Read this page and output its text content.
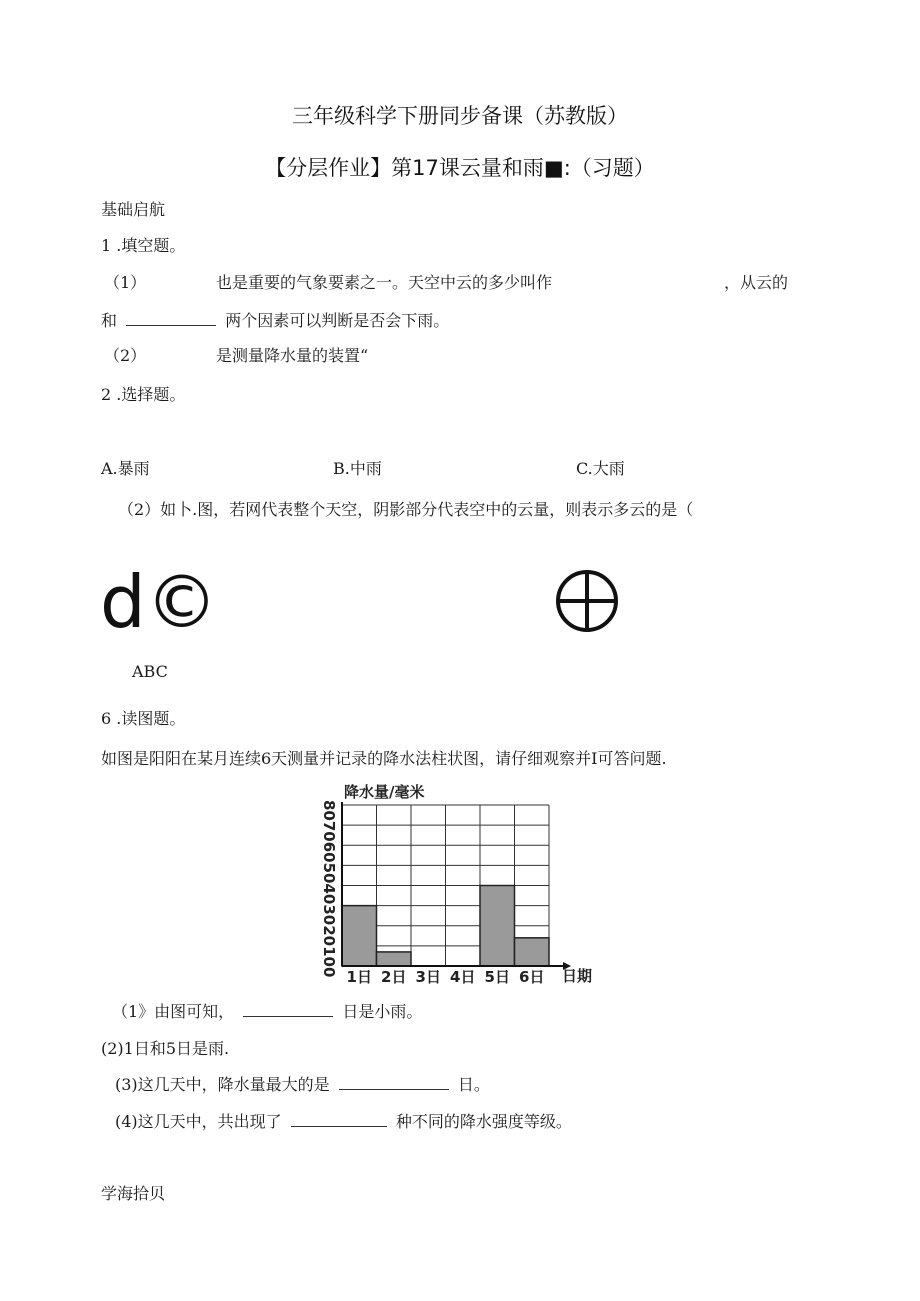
三年级科学下册同步备课（苏教版）
【分层作业】第17课云量和雨■:（习题）
基础启航
1 .填空题。
（1）	也是重要的气象要素之一。天空中云的多少叫作	，从云的
和	两个因素可以判断是否会下雨。
（2）	是测量降水量的装置“
2 .选择题。
A.暴雨	B.中雨	C.大雨
（2）如卜.图，若网代表整个天空，阴影部分代表空中的云量，则表示多云的是（
d©
ABC
6 .读图题。
如图是阳阳在某月连续6天测量并记录的降水法柱状图，请仔细观察并I可答问题.
降水量/毫米
80706050403020100	日期
1日 2日 3日 4日 5日 6日
（1》由图可知，	日是小雨。
(2)1日和5日是雨.
(3)这几天中，降水量最大的是	日。
(4)这几天中，共出现了	种不同的降水强度等级。
学海拾贝
